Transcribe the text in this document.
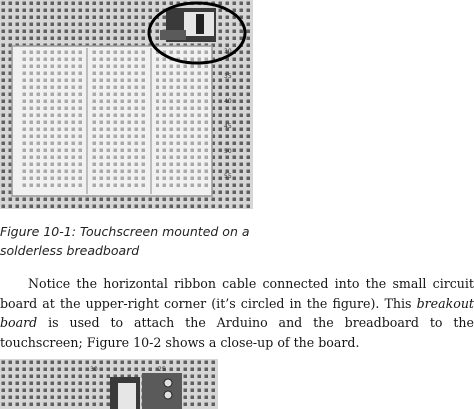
30
35
40
45
50
55

Figure 10-1: Touchscreen mounted on a solderless breadboard

Notice the horizontal ribbon cable connected into the small circuit board at the upper-right corner (it’s circled in the figure). This breakout board is used to attach the Arduino and the breadboard to the touchscreen; Figure 10-2 shows a close-up of the board.

30	25
